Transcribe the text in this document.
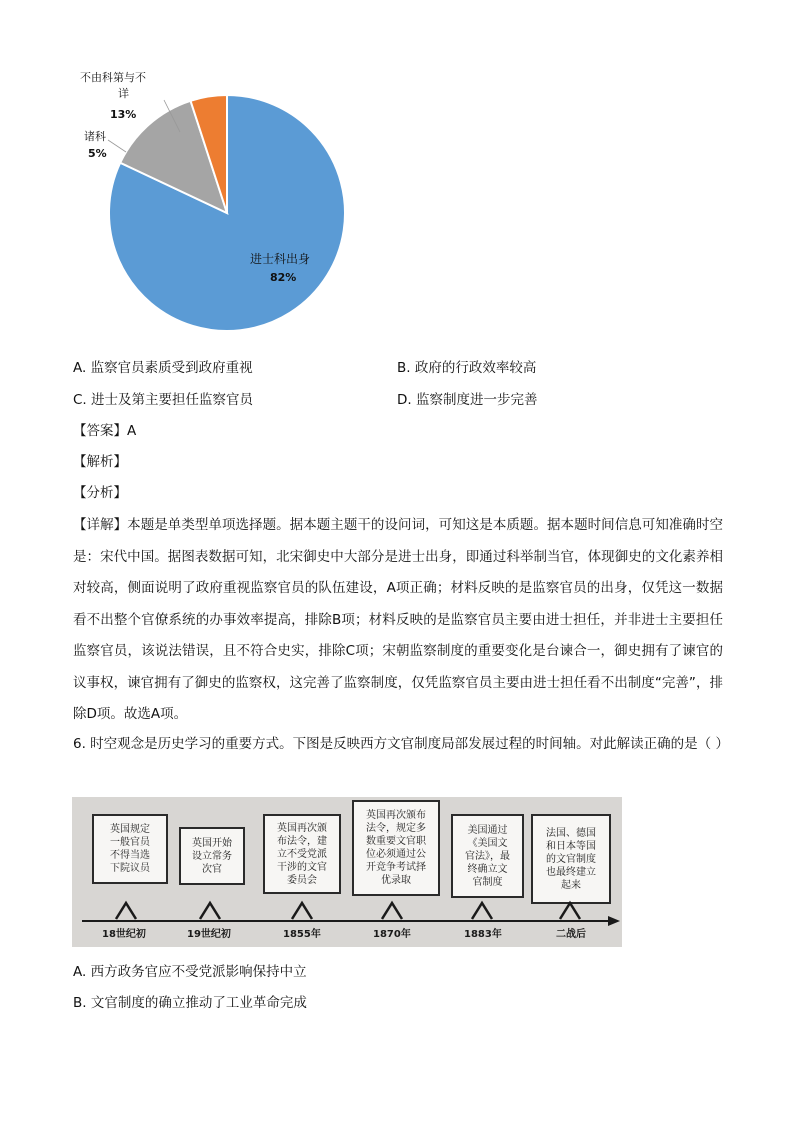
不由科第与不
详
13%
诸科
5%
进士科出身
82%
A. 监察官员素质受到政府重视	B. 政府的行政效率较高
C. 进士及第主要担任监察官员	D. 监察制度进一步完善
【答案】A
【解析】
【分析】
【详解】本题是单类型单项选择题。据本题主题干的设问词，可知这是本质题。据本题时间信息可知准确时空是：宋代中国。据图表数据可知，北宋御史中大部分是进士出身，即通过科举制当官，体现御史的文化素养相对较高，侧面说明了政府重视监察官员的队伍建设，A项正确；材料反映的是监察官员的出身，仅凭这一数据看不出整个官僚系统的办事效率提高，排除B项；材料反映的是监察官员主要由进士担任，并非进士主要担任监察官员，该说法错误，且不符合史实，排除C项；宋朝监察制度的重要变化是台谏合一，御史拥有了谏官的议事权，谏官拥有了御史的监察权，这完善了监察制度，仅凭监察官员主要由进士担任看不出制度“完善”，排除D项。故选A项。
6. 时空观念是历史学习的重要方式。下图是反映西方文官制度局部发展过程的时间轴。对此解读正确的是（ ）
英国规定
一般官员
不得当选
下院议员
英国开始
设立常务
次官
英国再次颁
布法令，建
立不受党派
干涉的文官
委员会
英国再次颁布
法令，规定多
数重要文官职
位必须通过公
开竞争考试择
优录取
美国通过
《美国文
官法》，最
终确立文
官制度
法国、德国
和日本等国
的文官制度
也最终建立
起来
18世纪初	19世纪初	1855年	1870年	1883年	二战后
A. 西方政务官应不受党派影响保持中立
B. 文官制度的确立推动了工业革命完成
